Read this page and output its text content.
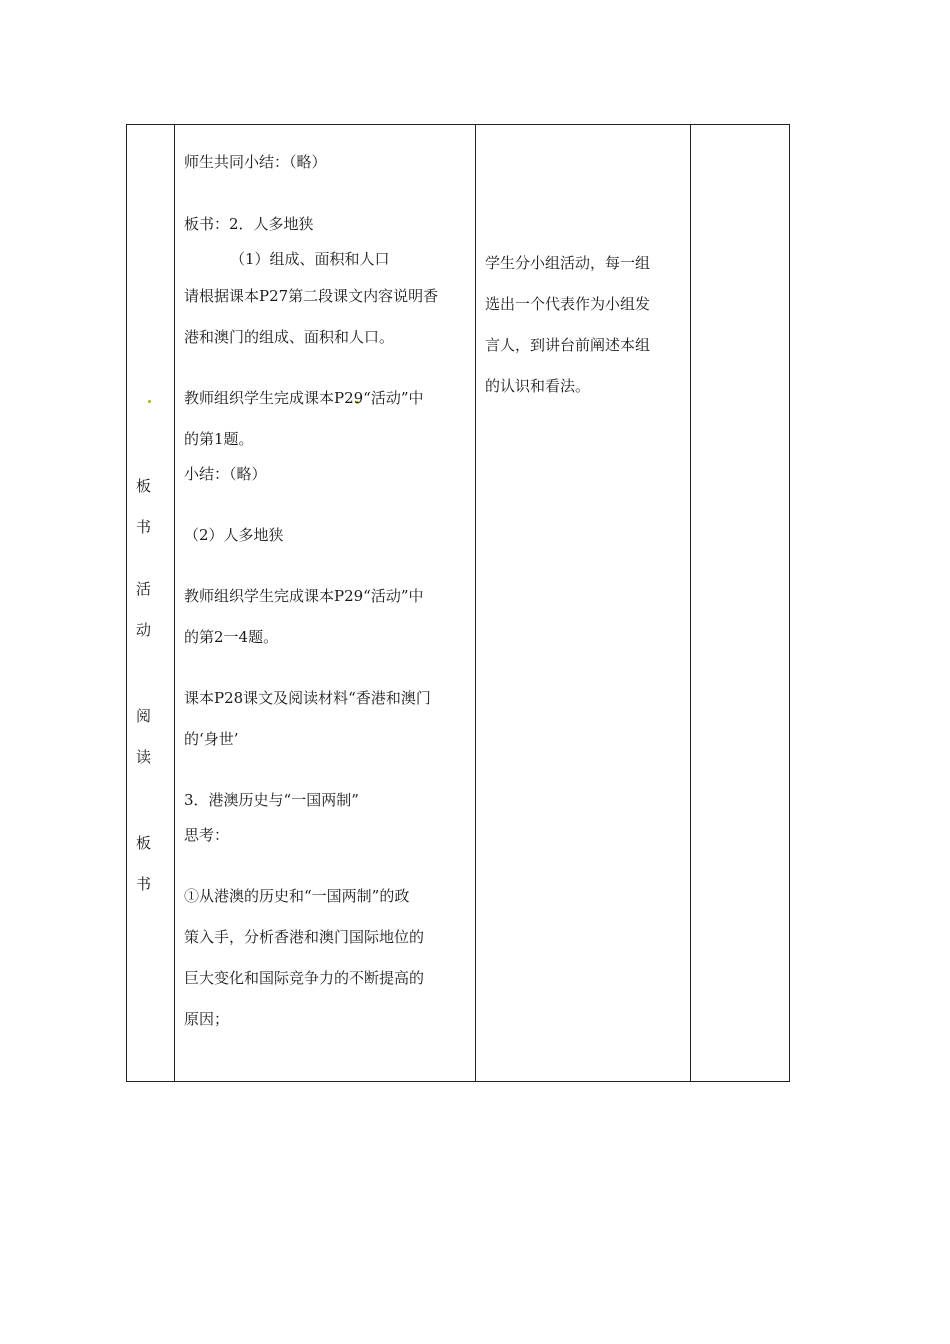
板
书
活
动
阅
读
板
书
师生共同小结：（略）
板书：2．人多地狭
（1）组成、面积和人口
请根据课本P27第二段课文内容说明香
港和澳门的组成、面积和人口。
教师组织学生完成课本P29“活动”中
的第1题。
小结：（略）
（2）人多地狭
教师组织学生完成课本P29“活动”中
的第2一4题。
课本P28课文及阅读材料“香港和澳门
的‘身世’
3．港澳历史与“一国两制”
思考：
①从港澳的历史和“一国两制”的政
策入手，分析香港和澳门国际地位的
巨大变化和国际竞争力的不断提高的
原因；
学生分小组活动，每一组
选出一个代表作为小组发
言人，到讲台前阐述本组
的认识和看法。
